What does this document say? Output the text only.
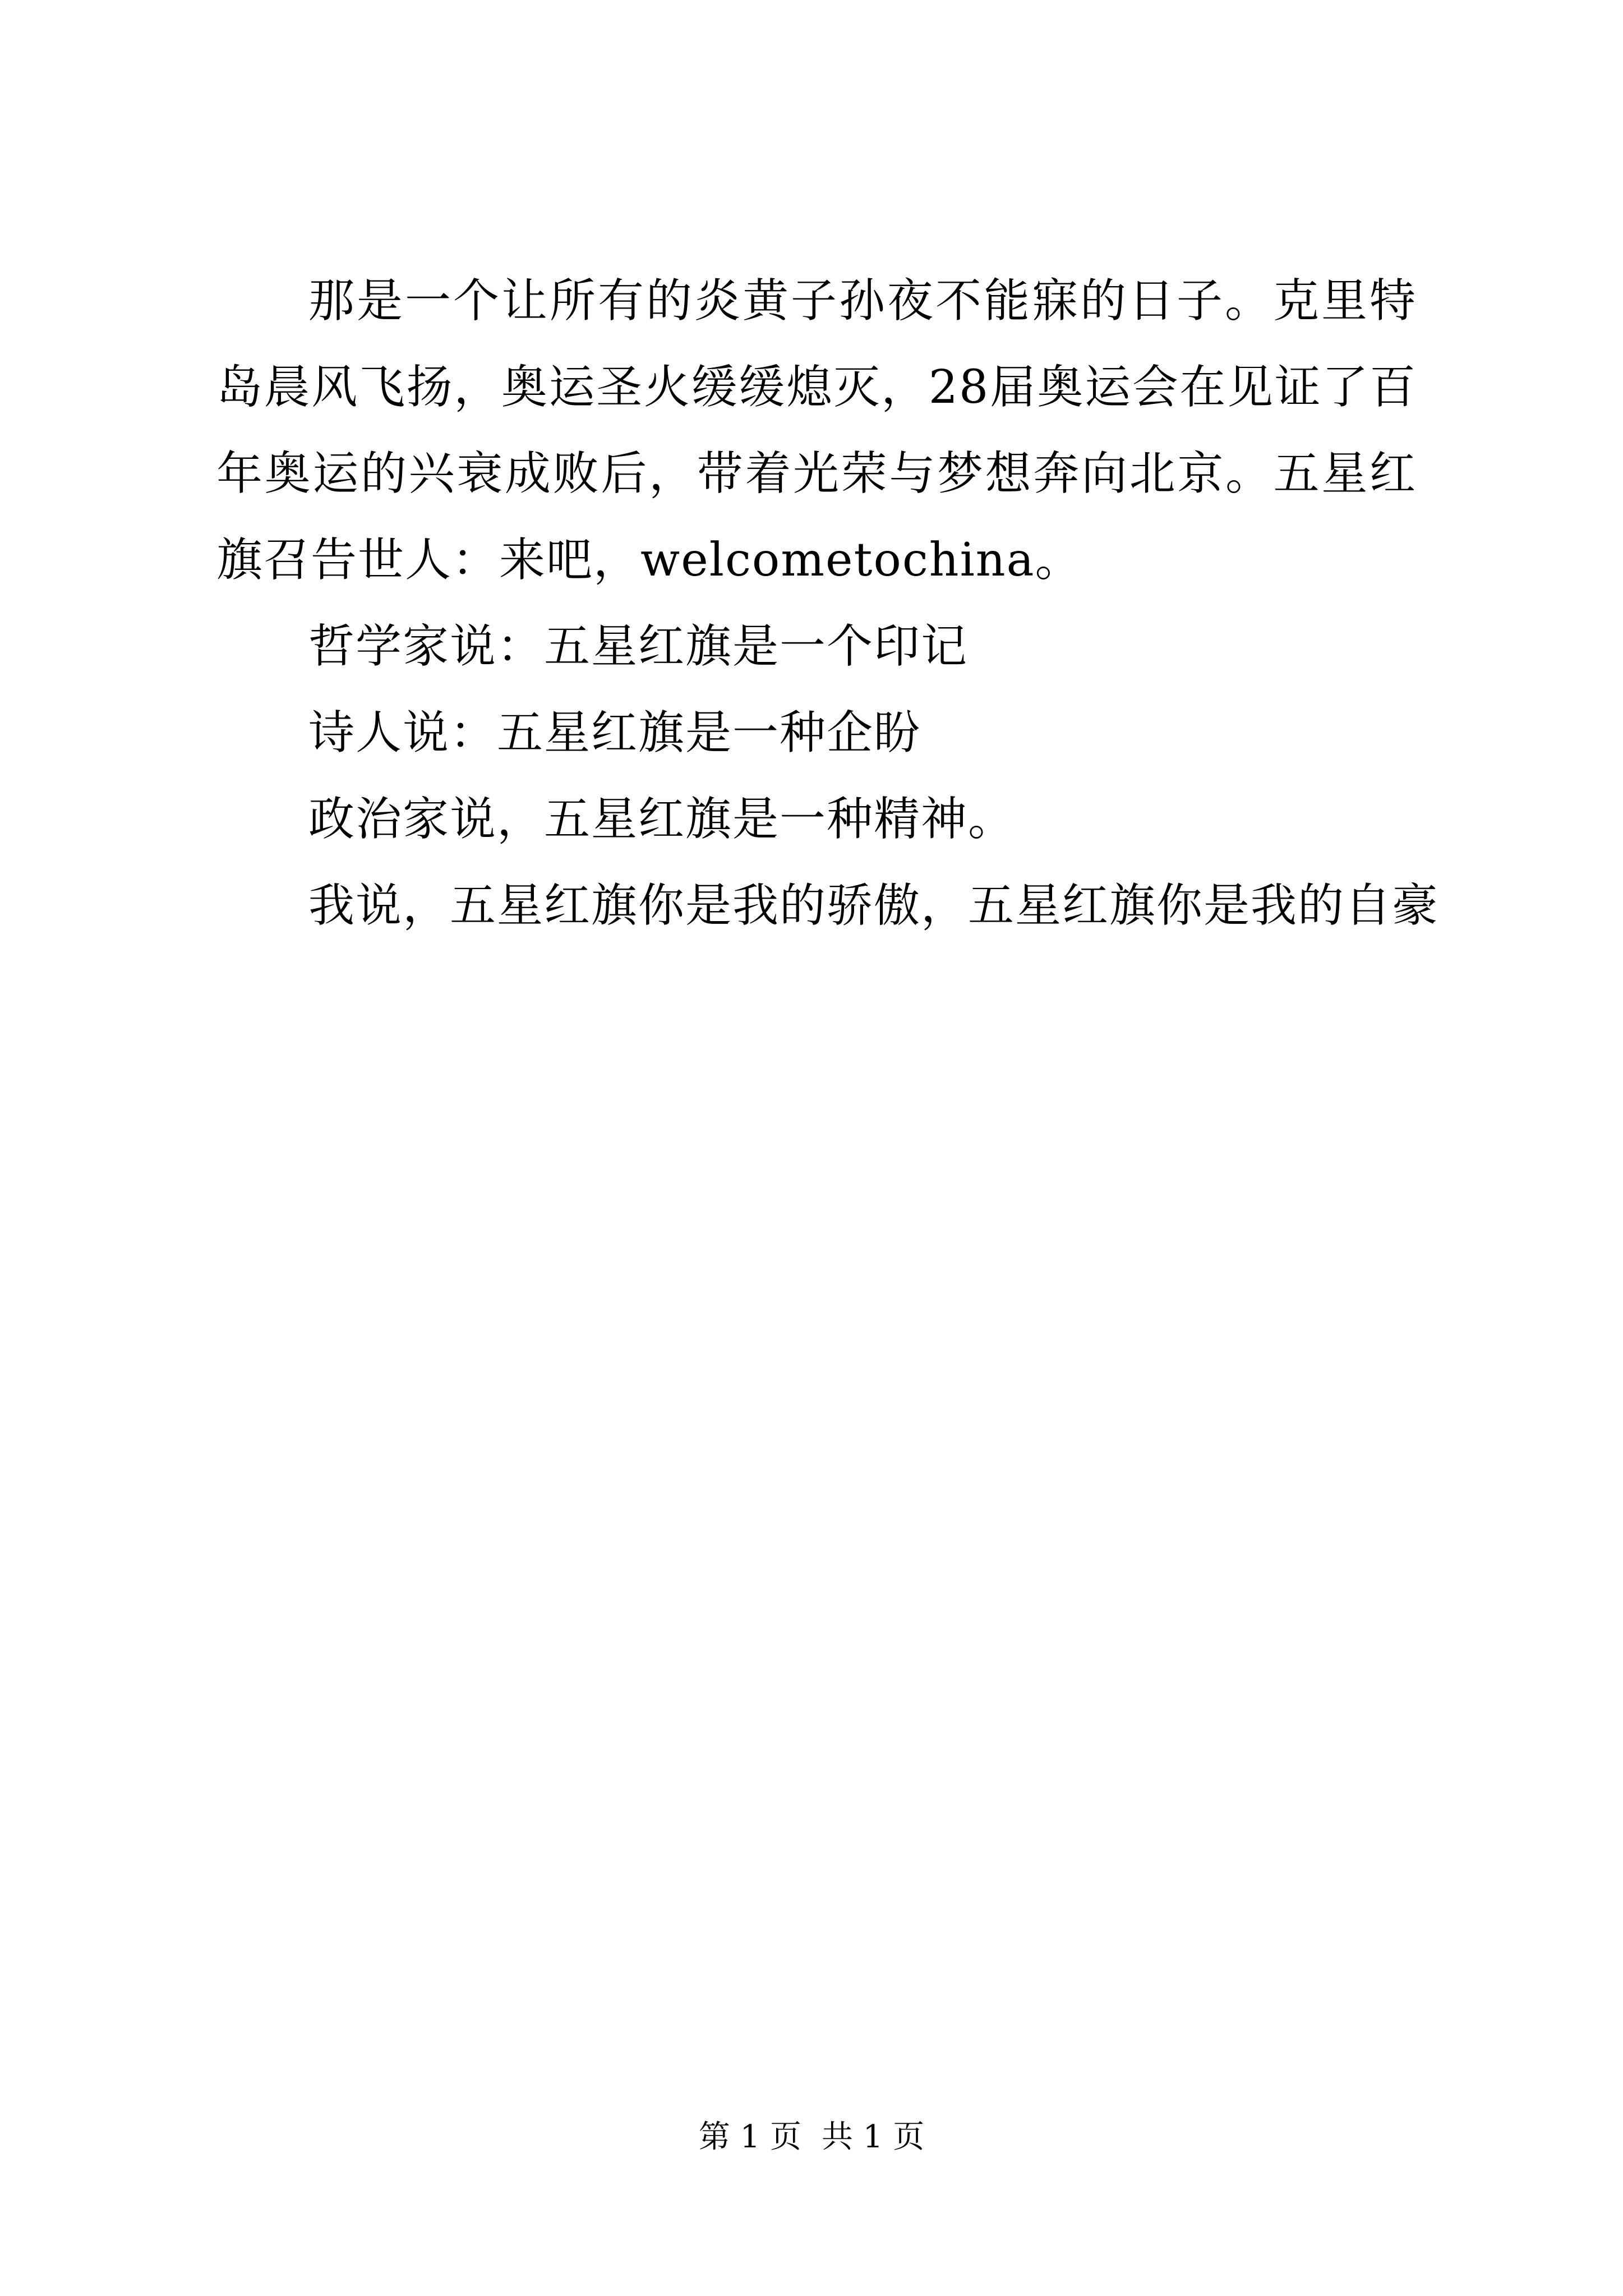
那是一个让所有的炎黄子孙夜不能寐的日子。克里特岛晨风飞扬，奥运圣火缓缓熄灭，28届奥运会在见证了百年奥运的兴衰成败后，带着光荣与梦想奔向北京。五星红旗召告世人：来吧，welcometochina。

哲学家说：五星红旗是一个印记

诗人说：五星红旗是一种企盼

政治家说，五星红旗是一种精神。

我说，五星红旗你是我的骄傲，五星红旗你是我的自豪

第 1 页 共 1 页
